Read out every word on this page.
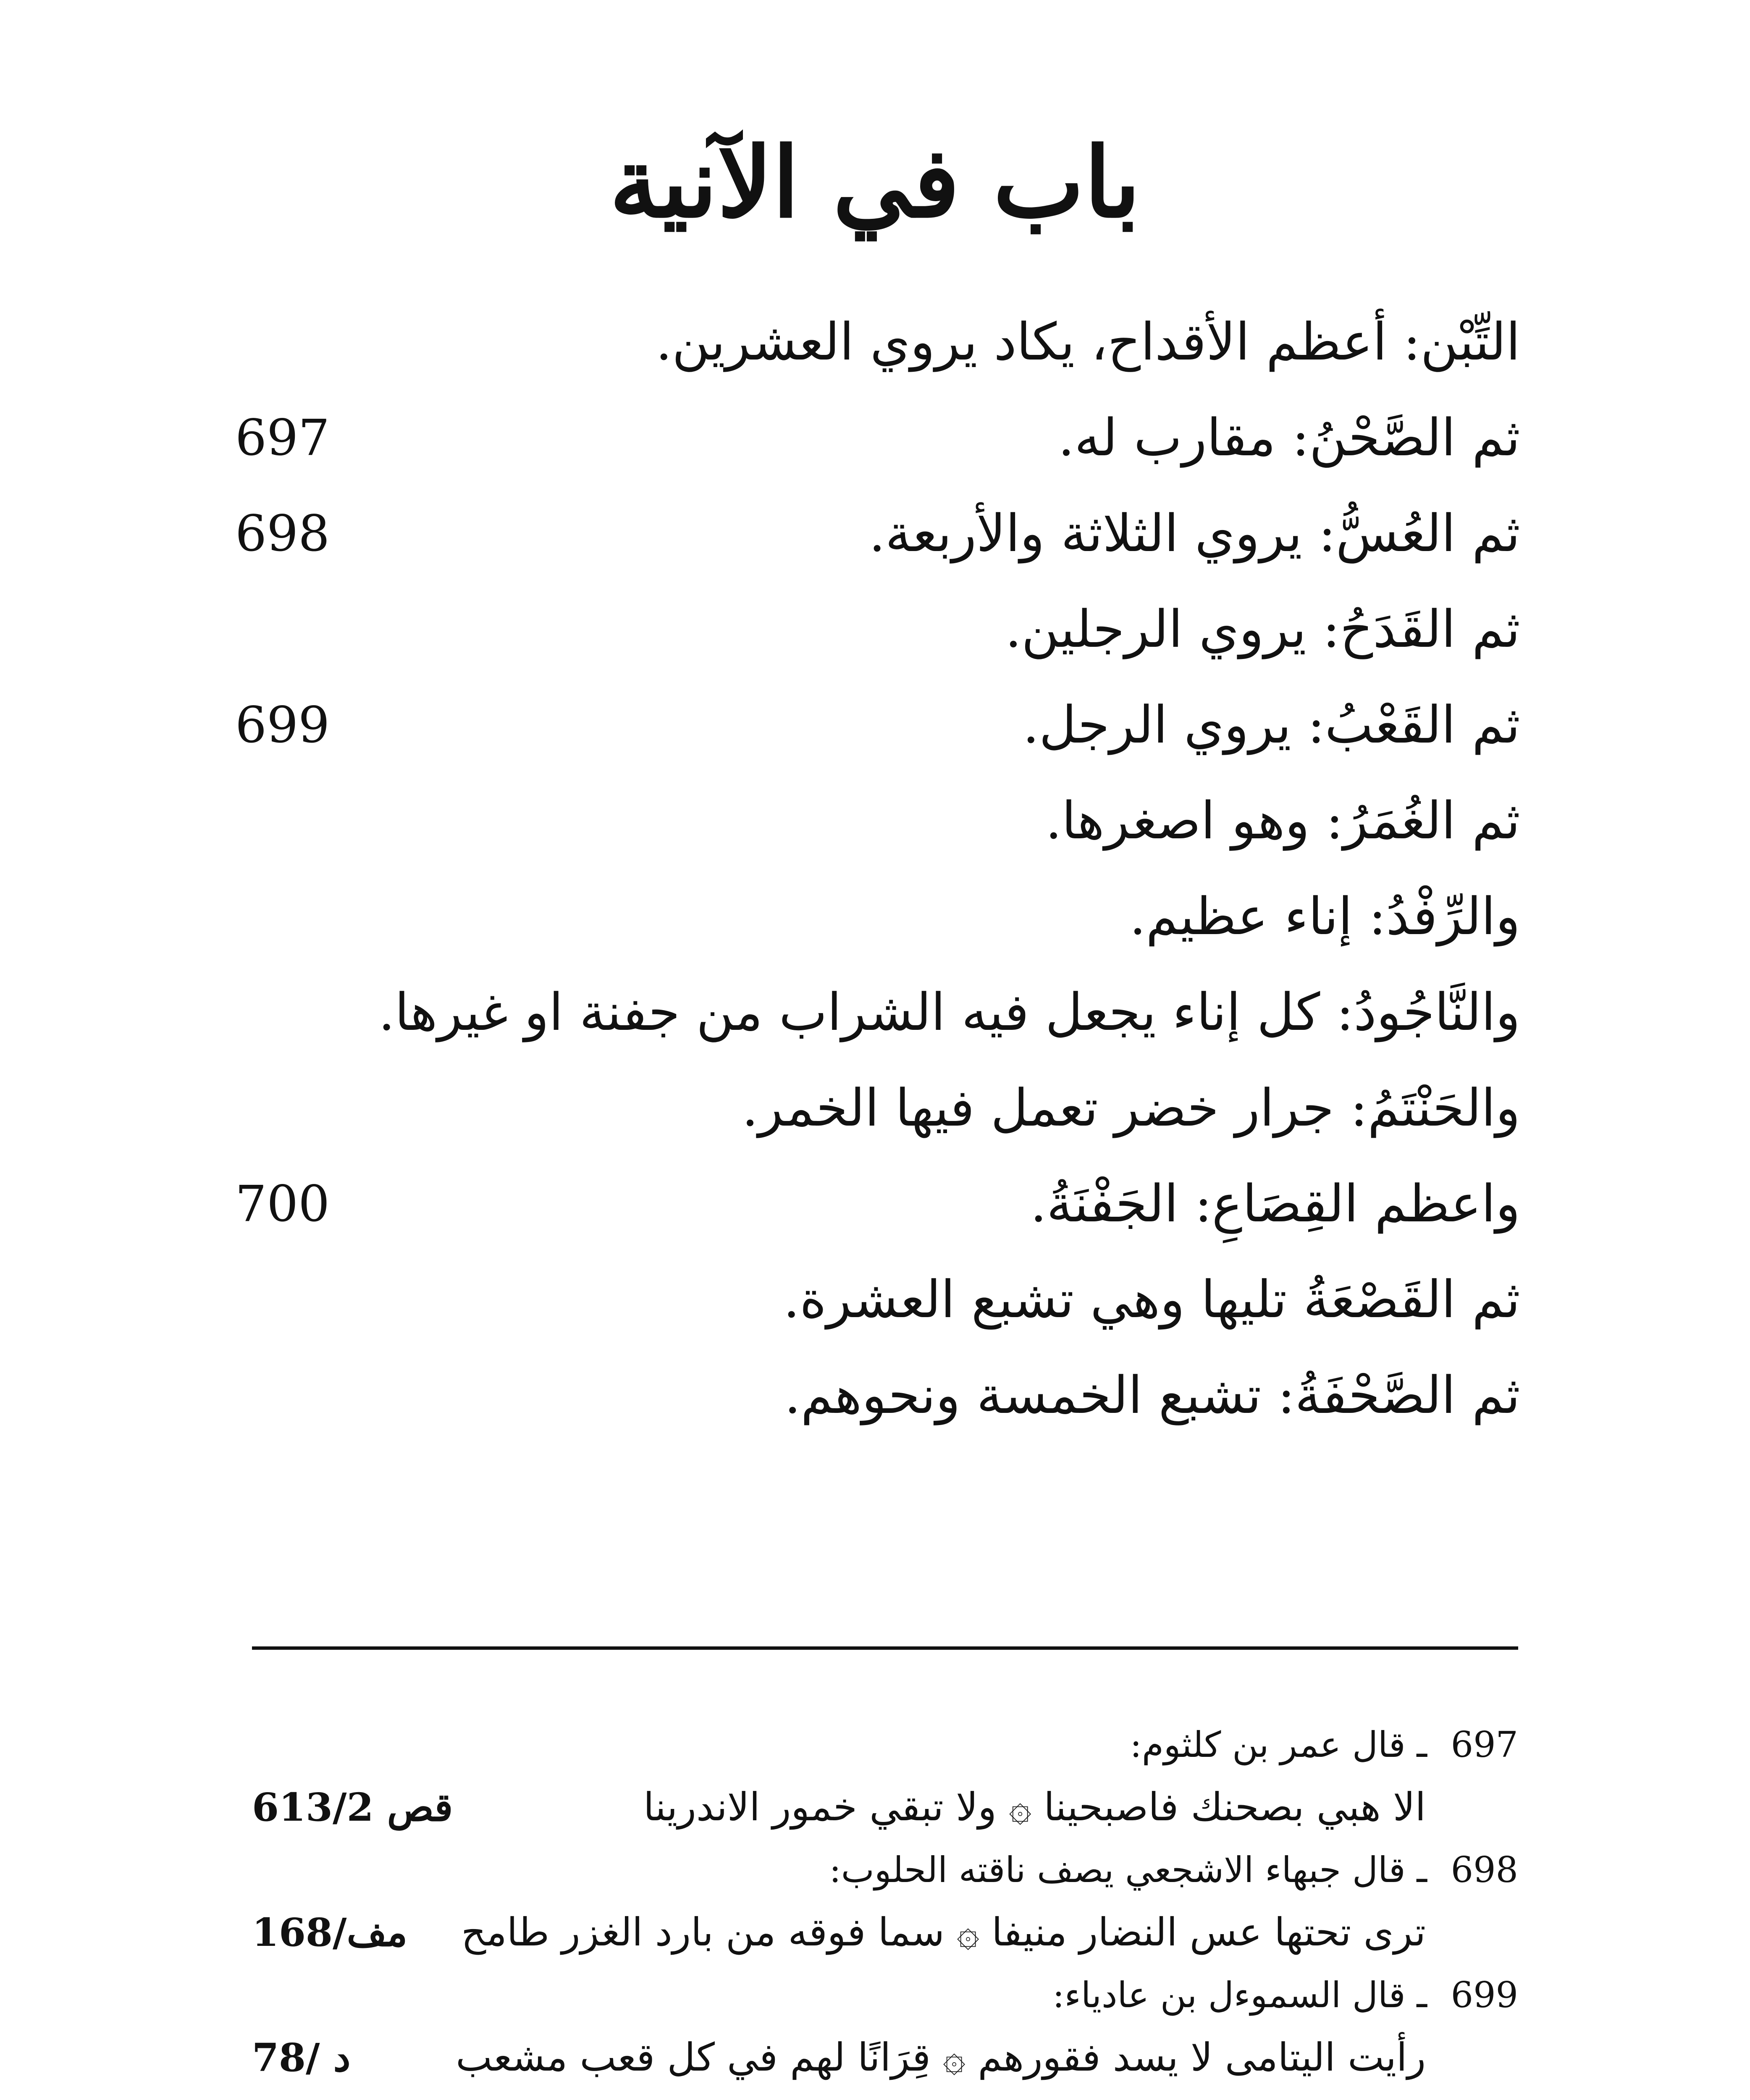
باب في الآنية
التِّبْن: أعظم الأقداح، يكاد يروي العشرين.
ثم الصَّحْنُ: مقارب له.
697
ثم العُسُّ: يروي الثلاثة والأربعة.
698
ثم القَدَحُ: يروي الرجلين.
ثم القَعْبُ: يروي الرجل.
699
ثم الغُمَرُ: وهو اصغرها.
والرِّفْدُ: إناء عظيم.
والنَّاجُودُ: كل إناء يجعل فيه الشراب من جفنة او غيرها.
والحَنْتَمُ: جرار خضر تعمل فيها الخمر.
واعظم القِصَاعِ: الجَفْنَةُ.
700
ثم القَصْعَةُ تليها وهي تشبع العشرة.
ثم الصَّحْفَةُ: تشبع الخمسة ونحوهم.
697 ـ قال عمر بن كلثوم:
الا هبي بصحنك فاصبحينا ۞ ولا تبقي خمور الاندرينا
قص 613/2
698 ـ قال جبهاء الاشجعي يصف ناقته الحلوب:
ترى تحتها عس النضار منيفا ۞ سما فوقه من بارد الغزر طامح
مف/168
699 ـ قال السموءل بن عادياء:
رأيت اليتامى لا يسد فقورهم ۞ قِرَانًا لهم في كل قعب مشعب
د /78
